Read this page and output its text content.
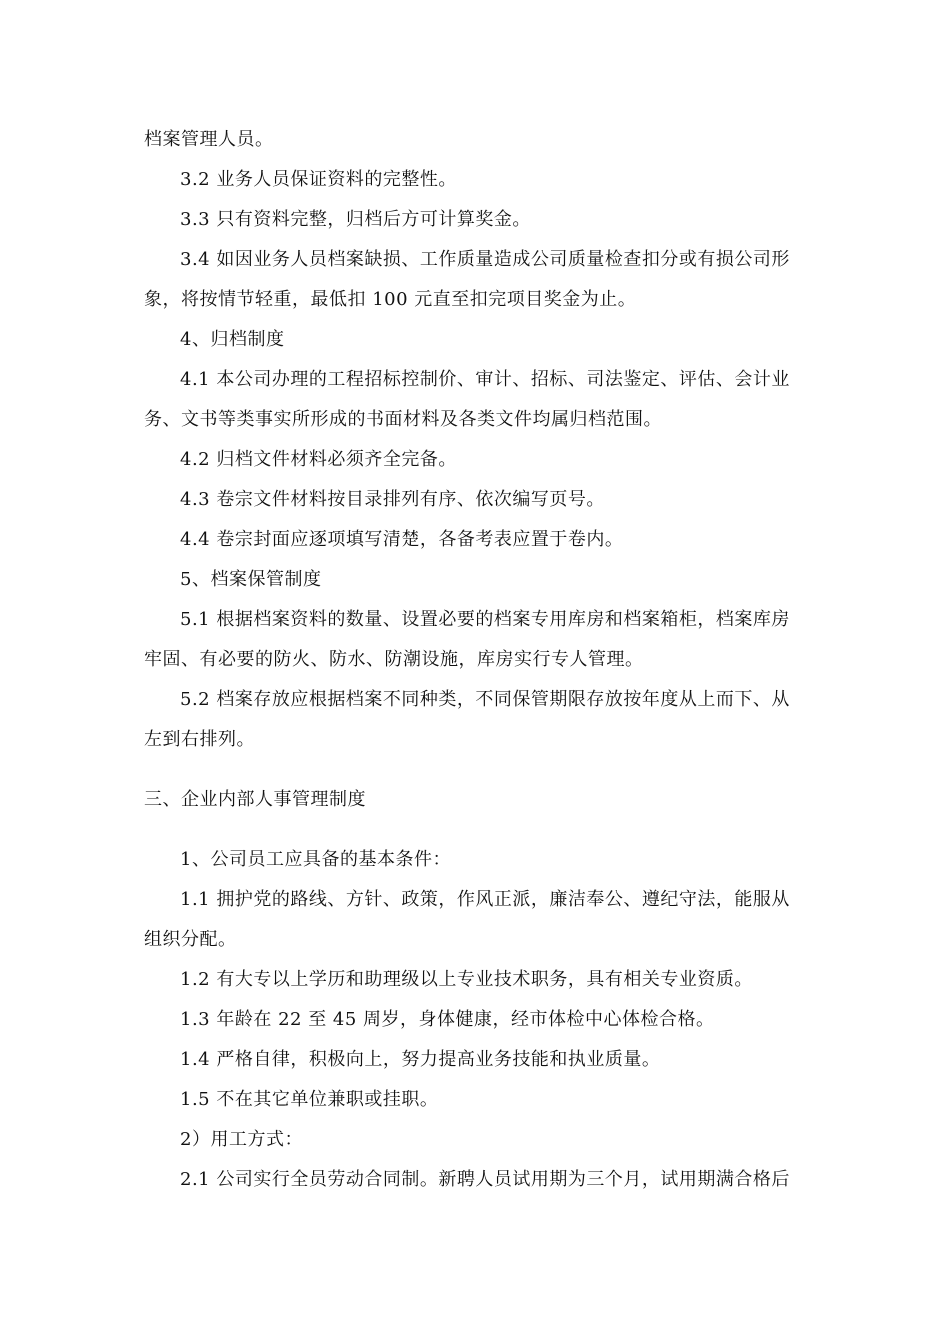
档案管理人员。

3.2 业务人员保证资料的完整性。

3.3 只有资料完整，归档后方可计算奖金。

3.4 如因业务人员档案缺损、工作质量造成公司质量检查扣分或有损公司形象，将按情节轻重，最低扣 100 元直至扣完项目奖金为止。

4、归档制度

4.1 本公司办理的工程招标控制价、审计、招标、司法鉴定、评估、会计业务、文书等类事实所形成的书面材料及各类文件均属归档范围。

4.2 归档文件材料必须齐全完备。

4.3 卷宗文件材料按目录排列有序、依次编写页号。

4.4 卷宗封面应逐项填写清楚，各备考表应置于卷内。

5、档案保管制度

5.1 根据档案资料的数量、设置必要的档案专用库房和档案箱柜，档案库房牢固、有必要的防火、防水、防潮设施，库房实行专人管理。

5.2 档案存放应根据档案不同种类，不同保管期限存放按年度从上而下、从左到右排列。

三、企业内部人事管理制度

1、公司员工应具备的基本条件：

1.1 拥护党的路线、方针、政策，作风正派，廉洁奉公、遵纪守法，能服从组织分配。

1.2 有大专以上学历和助理级以上专业技术职务，具有相关专业资质。

1.3 年龄在 22 至 45 周岁，身体健康，经市体检中心体检合格。

1.4 严格自律，积极向上，努力提高业务技能和执业质量。

1.5 不在其它单位兼职或挂职。

2）用工方式：

2.1 公司实行全员劳动合同制。新聘人员试用期为三个月，试用期满合格后
